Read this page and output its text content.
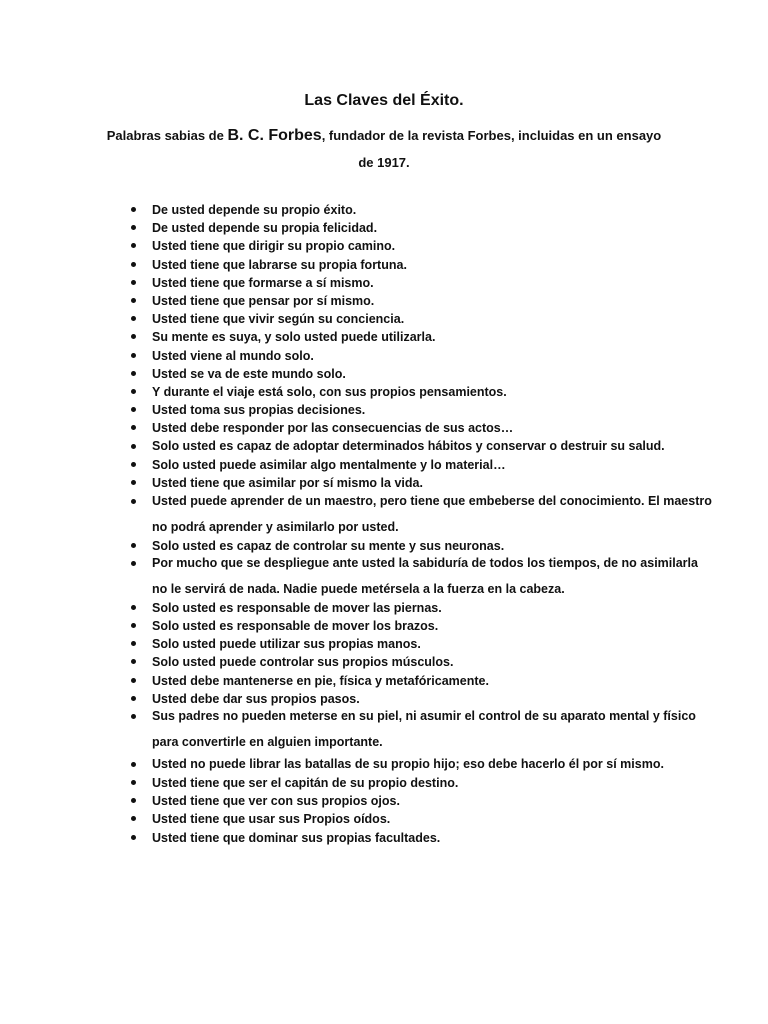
Las Claves del Éxito.
Palabras sabias de B. C. Forbes, fundador de la revista Forbes, incluidas en un ensayo de 1917.
De usted depende su propio éxito.
De usted depende su propia felicidad.
Usted tiene que dirigir su propio camino.
Usted tiene que labrarse su propia fortuna.
Usted tiene que formarse a sí mismo.
Usted tiene que pensar por sí mismo.
Usted tiene que vivir según su conciencia.
Su mente es suya, y solo usted puede utilizarla.
Usted viene al mundo solo.
Usted se va de este mundo solo.
Y durante el viaje está solo, con sus propios pensamientos.
Usted toma sus propias decisiones.
Usted debe responder por las consecuencias de sus actos…
Solo usted es capaz de adoptar determinados hábitos y conservar o destruir su salud.
Solo usted puede asimilar algo mentalmente y lo material…
Usted tiene que asimilar por sí mismo la vida.
Usted puede aprender de un maestro, pero tiene que embeberse del conocimiento. El maestro no podrá aprender y asimilarlo por usted.
Solo usted es capaz de controlar su mente y sus neuronas.
Por mucho que se despliegue ante usted la sabiduría de todos los tiempos, de no asimilarla no le servirá de nada. Nadie puede metérsela a la fuerza en la cabeza.
Solo usted es responsable de mover las piernas.
Solo usted es responsable de mover los brazos.
Solo usted puede utilizar sus propias manos.
Solo usted puede controlar sus propios músculos.
Usted debe mantenerse en pie, física y metafóricamente.
Usted debe dar sus propios pasos.
Sus padres no pueden meterse en su piel, ni asumir el control de su aparato mental y físico para convertirle en alguien importante.
Usted no puede librar las batallas de su propio hijo; eso debe hacerlo él por sí mismo.
Usted tiene que ser el capitán de su propio destino.
Usted tiene que ver con sus propios ojos.
Usted tiene que usar sus Propios oídos.
Usted tiene que dominar sus propias facultades.
